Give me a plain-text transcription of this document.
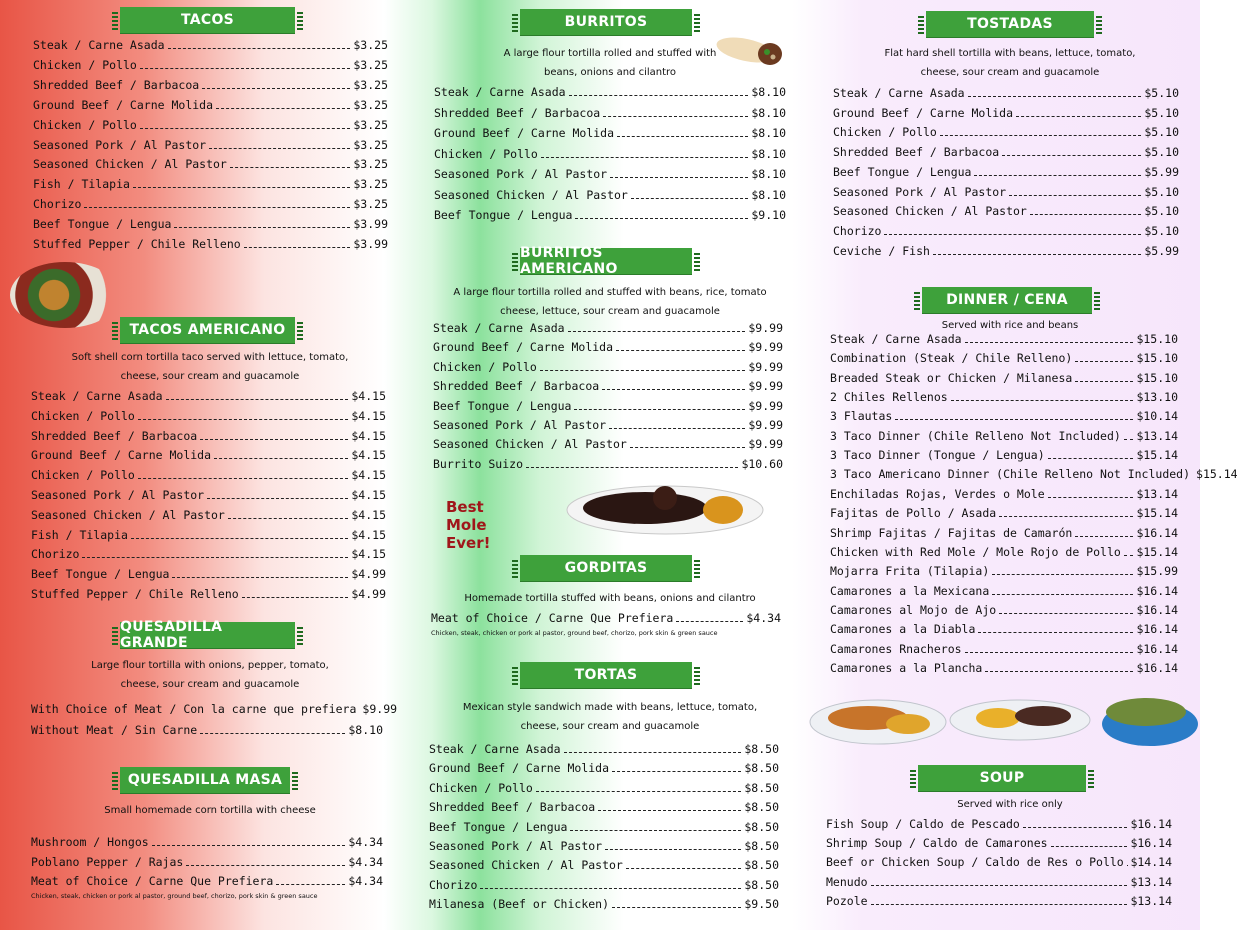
TACOS
Steak / Carne Asada	$3.25
Chicken / Pollo	$3.25
Shredded Beef / Barbacoa	$3.25
Ground Beef / Carne Molida	$3.25
Chicken / Pollo	$3.25
Seasoned Pork / Al Pastor	$3.25
Seasoned Chicken / Al Pastor	$3.25
Fish / Tilapia	$3.25
Chorizo	$3.25
Beef Tongue / Lengua	$3.99
Stuffed Pepper / Chile Relleno	$3.99
TACOS AMERICANO
Soft shell corn tortilla taco served with lettuce, tomato,
cheese, sour cream and guacamole
Steak / Carne Asada	$4.15
Chicken / Pollo	$4.15
Shredded Beef / Barbacoa	$4.15
Ground Beef / Carne Molida	$4.15
Chicken / Pollo	$4.15
Seasoned Pork / Al Pastor	$4.15
Seasoned Chicken / Al Pastor	$4.15
Fish / Tilapia	$4.15
Chorizo	$4.15
Beef Tongue / Lengua	$4.99
Stuffed Pepper / Chile Relleno	$4.99
QUESADILLA GRANDE
Large flour tortilla with onions, pepper, tomato,
cheese, sour cream and guacamole
With Choice of Meat / Con la carne que prefiera $9.99
Without Meat / Sin Carne	$8.10
QUESADILLA MASA
Small homemade corn tortilla with cheese
Mushroom / Hongos	$4.34
Poblano Pepper / Rajas	$4.34
Meat of Choice / Carne Que Prefiera	$4.34
Chicken, steak, chicken or pork al pastor, ground beef, chorizo, pork skin & green sauce
BURRITOS
A large flour tortilla rolled and stuffed with
beans, onions and cilantro
Steak / Carne Asada	$8.10
Shredded Beef / Barbacoa	$8.10
Ground Beef / Carne Molida	$8.10
Chicken / Pollo	$8.10
Seasoned Pork / Al Pastor	$8.10
Seasoned Chicken / Al Pastor	$8.10
Beef Tongue / Lengua	$9.10
BURRITOS AMERICANO
A large flour tortilla rolled and stuffed with beans, rice, tomato
cheese, lettuce, sour cream and guacamole
Steak / Carne Asada	$9.99
Ground Beef / Carne Molida	$9.99
Chicken / Pollo	$9.99
Shredded Beef / Barbacoa	$9.99
Beef Tongue / Lengua	$9.99
Seasoned Pork / Al Pastor	$9.99
Seasoned Chicken / Al Pastor	$9.99
Burrito Suizo	$10.60
Best Mole Ever!
GORDITAS
Homemade tortilla stuffed with beans, onions and cilantro
Meat of Choice / Carne Que Prefiera	$4.34
Chicken, steak, chicken or pork al pastor, ground beef, chorizo, pork skin & green sauce
TORTAS
Mexican style sandwich made with beans, lettuce, tomato,
cheese, sour cream and guacamole
Steak / Carne Asada	$8.50
Ground Beef / Carne Molida	$8.50
Chicken / Pollo	$8.50
Shredded Beef / Barbacoa	$8.50
Beef Tongue / Lengua	$8.50
Seasoned Pork / Al Pastor	$8.50
Seasoned Chicken / Al Pastor	$8.50
Chorizo	$8.50
Milanesa (Beef or Chicken)	$9.50
TOSTADAS
Flat hard shell tortilla with beans, lettuce, tomato,
cheese, sour cream and guacamole
Steak / Carne Asada	$5.10
Ground Beef / Carne Molida	$5.10
Chicken / Pollo	$5.10
Shredded Beef / Barbacoa	$5.10
Beef Tongue / Lengua	$5.99
Seasoned Pork / Al Pastor	$5.10
Seasoned Chicken / Al Pastor	$5.10
Chorizo	$5.10
Ceviche / Fish	$5.99
DINNER / CENA
Served with rice and beans
Steak / Carne Asada	$15.10
Combination (Steak / Chile Relleno)	$15.10
Breaded Steak or Chicken / Milanesa	$15.10
2 Chiles Rellenos	$13.10
3 Flautas	$10.14
3 Taco Dinner (Chile Relleno Not Included) $13.14
3 Taco Dinner (Tongue / Lengua)	$15.14
3 Taco Americano Dinner (Chile Relleno Not Included) $15.14
Enchiladas Rojas, Verdes o Mole	$13.14
Fajitas de Pollo / Asada	$15.14
Shrimp Fajitas / Fajitas de Camarón	$16.14
Chicken with Red Mole / Mole Rojo de Pollo $15.14
Mojarra Frita (Tilapia)	$15.99
Camarones a la Mexicana	$16.14
Camarones al Mojo de Ajo	$16.14
Camarones a la Diabla	$16.14
Camarones Rnacheros	$16.14
Camarones a la Plancha	$16.14
SOUP
Served with rice only
Fish Soup / Caldo de Pescado	$16.14
Shrimp Soup / Caldo de Camarones	$16.14
Beef or Chicken Soup / Caldo de Res o Pollo $14.14
Menudo	$13.14
Pozole	$13.14
